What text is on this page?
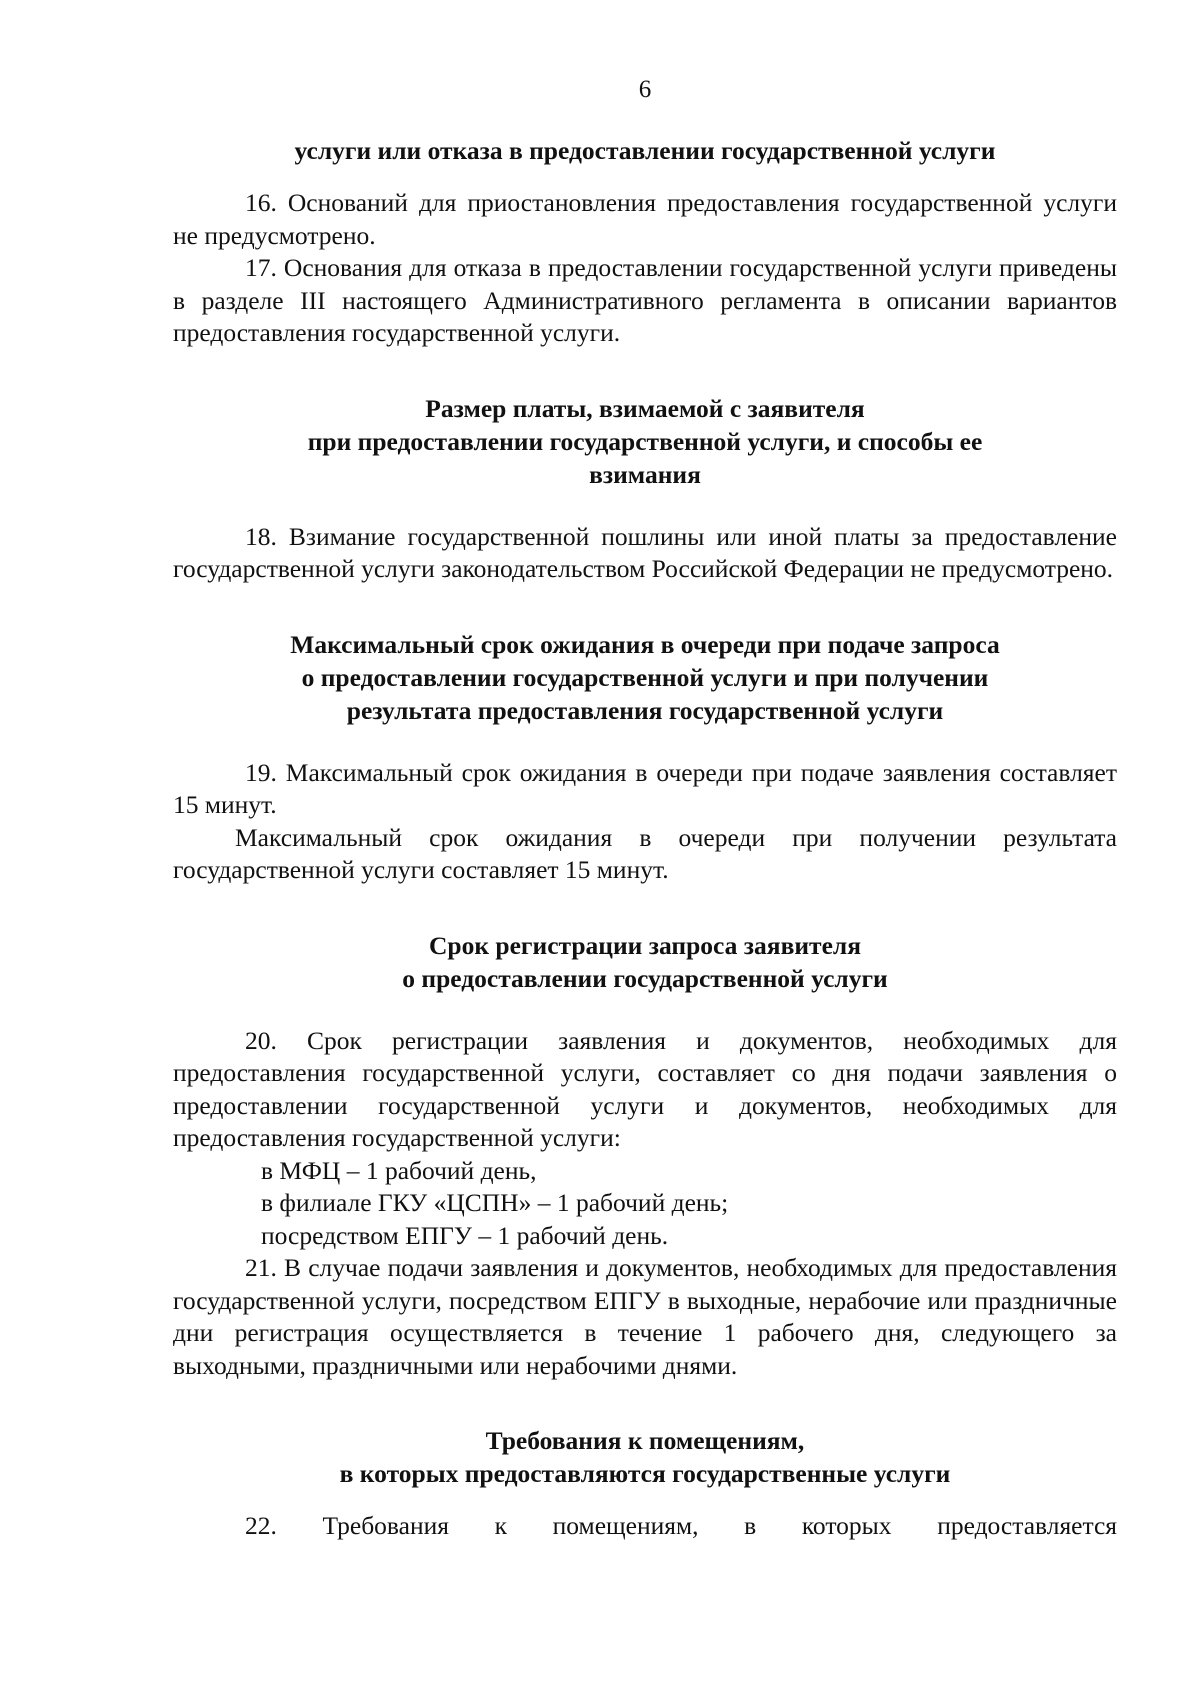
6
услуги или отказа в предоставлении государственной услуги

16. Оснований для приостановления предоставления государственной услуги не предусмотрено.

17. Основания для отказа в предоставлении государственной услуги приведены в разделе III настоящего Административного регламента в описании вариантов предоставления государственной услуги.

Размер платы, взимаемой с заявителя
при предоставлении государственной услуги, и способы ее
взимания

18. Взимание государственной пошлины или иной платы за предоставление государственной услуги законодательством Российской Федерации не предусмотрено.

Максимальный срок ожидания в очереди при подаче запроса
о предоставлении государственной услуги и при получении
результата предоставления государственной услуги

19. Максимальный срок ожидания в очереди при подаче заявления составляет 15 минут.

Максимальный срок ожидания в очереди при получении результата государственной услуги составляет 15 минут.

Срок регистрации запроса заявителя
о предоставлении государственной услуги

20. Срок регистрации заявления и документов, необходимых для предоставления государственной услуги, составляет со дня подачи заявления о предоставлении государственной услуги и документов, необходимых для предоставления государственной услуги:

в МФЦ – 1 рабочий день,

в филиале ГКУ «ЦСПН» – 1 рабочий день;

посредством ЕПГУ – 1 рабочий день.

21. В случае подачи заявления и документов, необходимых для предоставления государственной услуги, посредством ЕПГУ в выходные, нерабочие или праздничные дни регистрация осуществляется в течение 1 рабочего дня, следующего за выходными, праздничными или нерабочими днями.

Требования к помещениям,
в которых предоставляются государственные услуги

22. Требования к помещениям, в которых предоставляется
